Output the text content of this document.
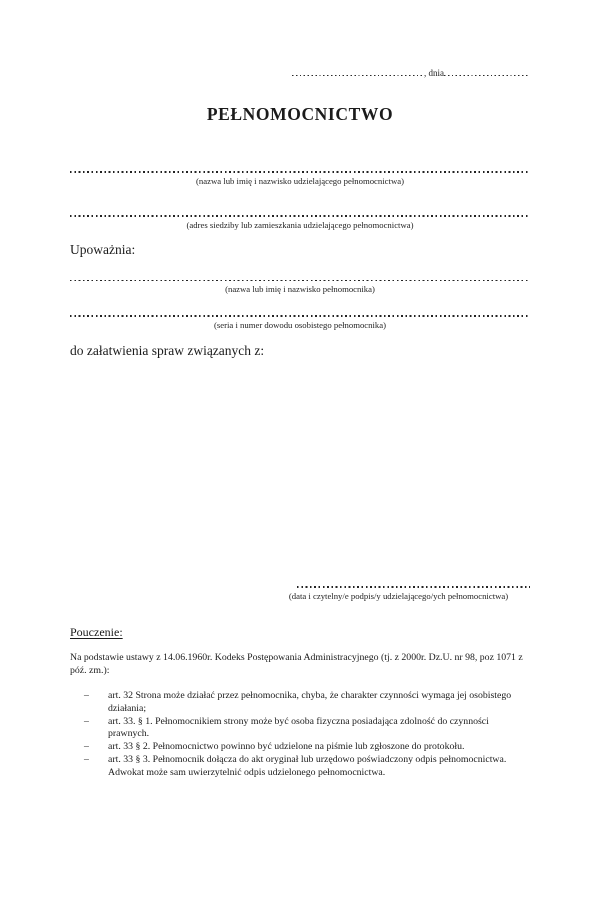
, dnia
PEŁNOMOCNICTWO
(nazwa lub imię i nazwisko udzielającego pełnomocnictwa)
(adres siedziby lub zamieszkania udzielającego pełnomocnictwa)

Upoważnia:

(nazwa lub imię i nazwisko pełnomocnika)
(seria i numer dowodu osobistego pełnomocnika)

do załatwienia spraw związanych z:

(data i czytelny/e podpis/y udzielającego/ych pełnomocnictwa)
Pouczenie:

Na podstawie ustawy z 14.06.1960r. Kodeks Postępowania Administracyjnego (tj. z 2000r. Dz.U. nr 98, poz 1071 z póź. zm.):

–	art. 32 Strona może działać przez pełnomocnika, chyba, że charakter czynności wymaga jej osobistego działania;
–	art. 33. § 1. Pełnomocnikiem strony może być osoba fizyczna posiadająca zdolność do czynności prawnych.
–	art. 33 § 2. Pełnomocnictwo powinno być udzielone na piśmie lub zgłoszone do protokołu.
–	art. 33 § 3. Pełnomocnik dołącza do akt oryginał lub urzędowo poświadczony odpis pełnomocnictwa. Adwokat może sam uwierzytelnić odpis udzielonego pełnomocnictwa.
